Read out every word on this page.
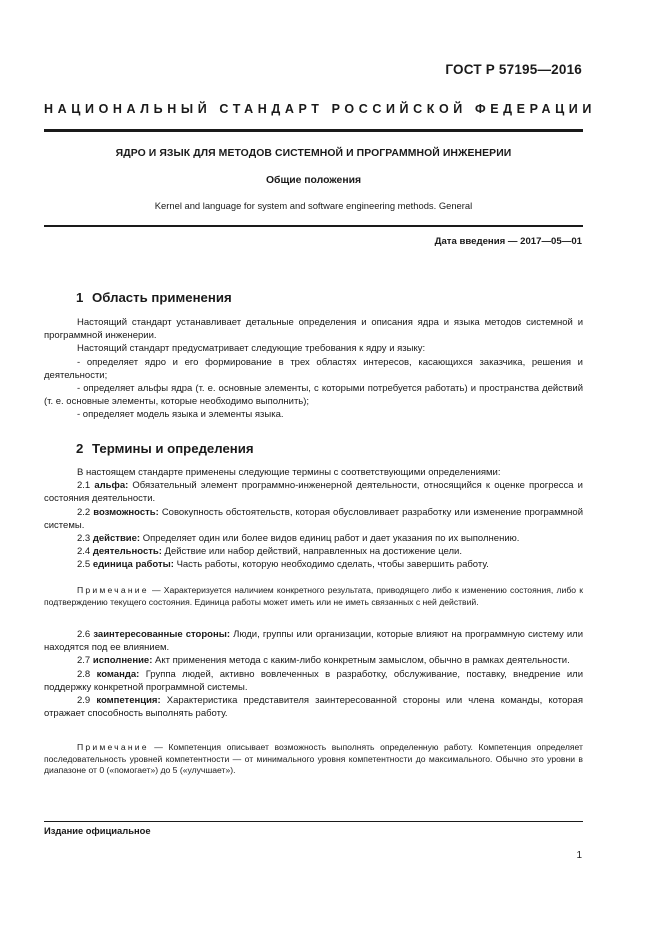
ГОСТ Р 57195—2016
НАЦИОНАЛЬНЫЙ СТАНДАРТ РОССИЙСКОЙ ФЕДЕРАЦИИ
ЯДРО И ЯЗЫК ДЛЯ МЕТОДОВ СИСТЕМНОЙ И ПРОГРАММНОЙ ИНЖЕНЕРИИ
Общие положения
Kernel and language for system and software engineering methods. General
Дата введения — 2017—05—01
1 Область применения

Настоящий стандарт устанавливает детальные определения и описания ядра и языка методов системной и программной инженерии.

Настоящий стандарт предусматривает следующие требования к ядру и языку:

- определяет ядро и его формирование в трех областях интересов, касающихся заказчика, решения и деятельности;

- определяет альфы ядра (т. е. основные элементы, с которыми потребуется работать) и пространства действий (т. е. основные элементы, которые необходимо выполнить);

- определяет модель языка и элементы языка.

2 Термины и определения

В настоящем стандарте применены следующие термины с соответствующими определениями:

2.1 альфа: Обязательный элемент программно-инженерной деятельности, относящийся к оценке прогресса и состояния деятельности.

2.2 возможность: Совокупность обстоятельств, которая обусловливает разработку или изменение программной системы.

2.3 действие: Определяет один или более видов единиц работ и дает указания по их выполнению.

2.4 деятельность: Действие или набор действий, направленных на достижение цели.

2.5 единица работы: Часть работы, которую необходимо сделать, чтобы завершить работу.

Примечание — Характеризуется наличием конкретного результата, приводящего либо к изменению состояния, либо к подтверждению текущего состояния. Единица работы может иметь или не иметь связанных с ней действий.

2.6 заинтересованные стороны: Люди, группы или организации, которые влияют на программную систему или находятся под ее влиянием.

2.7 исполнение: Акт применения метода с каким-либо конкретным замыслом, обычно в рамках деятельности.

2.8 команда: Группа людей, активно вовлеченных в разработку, обслуживание, поставку, внедрение или поддержку конкретной программной системы.

2.9 компетенция: Характеристика представителя заинтересованной стороны или члена команды, которая отражает способность выполнять работу.

Примечание — Компетенция описывает возможность выполнять определенную работу. Компетенция определяет последовательность уровней компетентности — от минимального уровня компетентности до максимального. Обычно это уровни в диапазоне от 0 («помогает») до 5 («улучшает»).

Издание официальное
1
